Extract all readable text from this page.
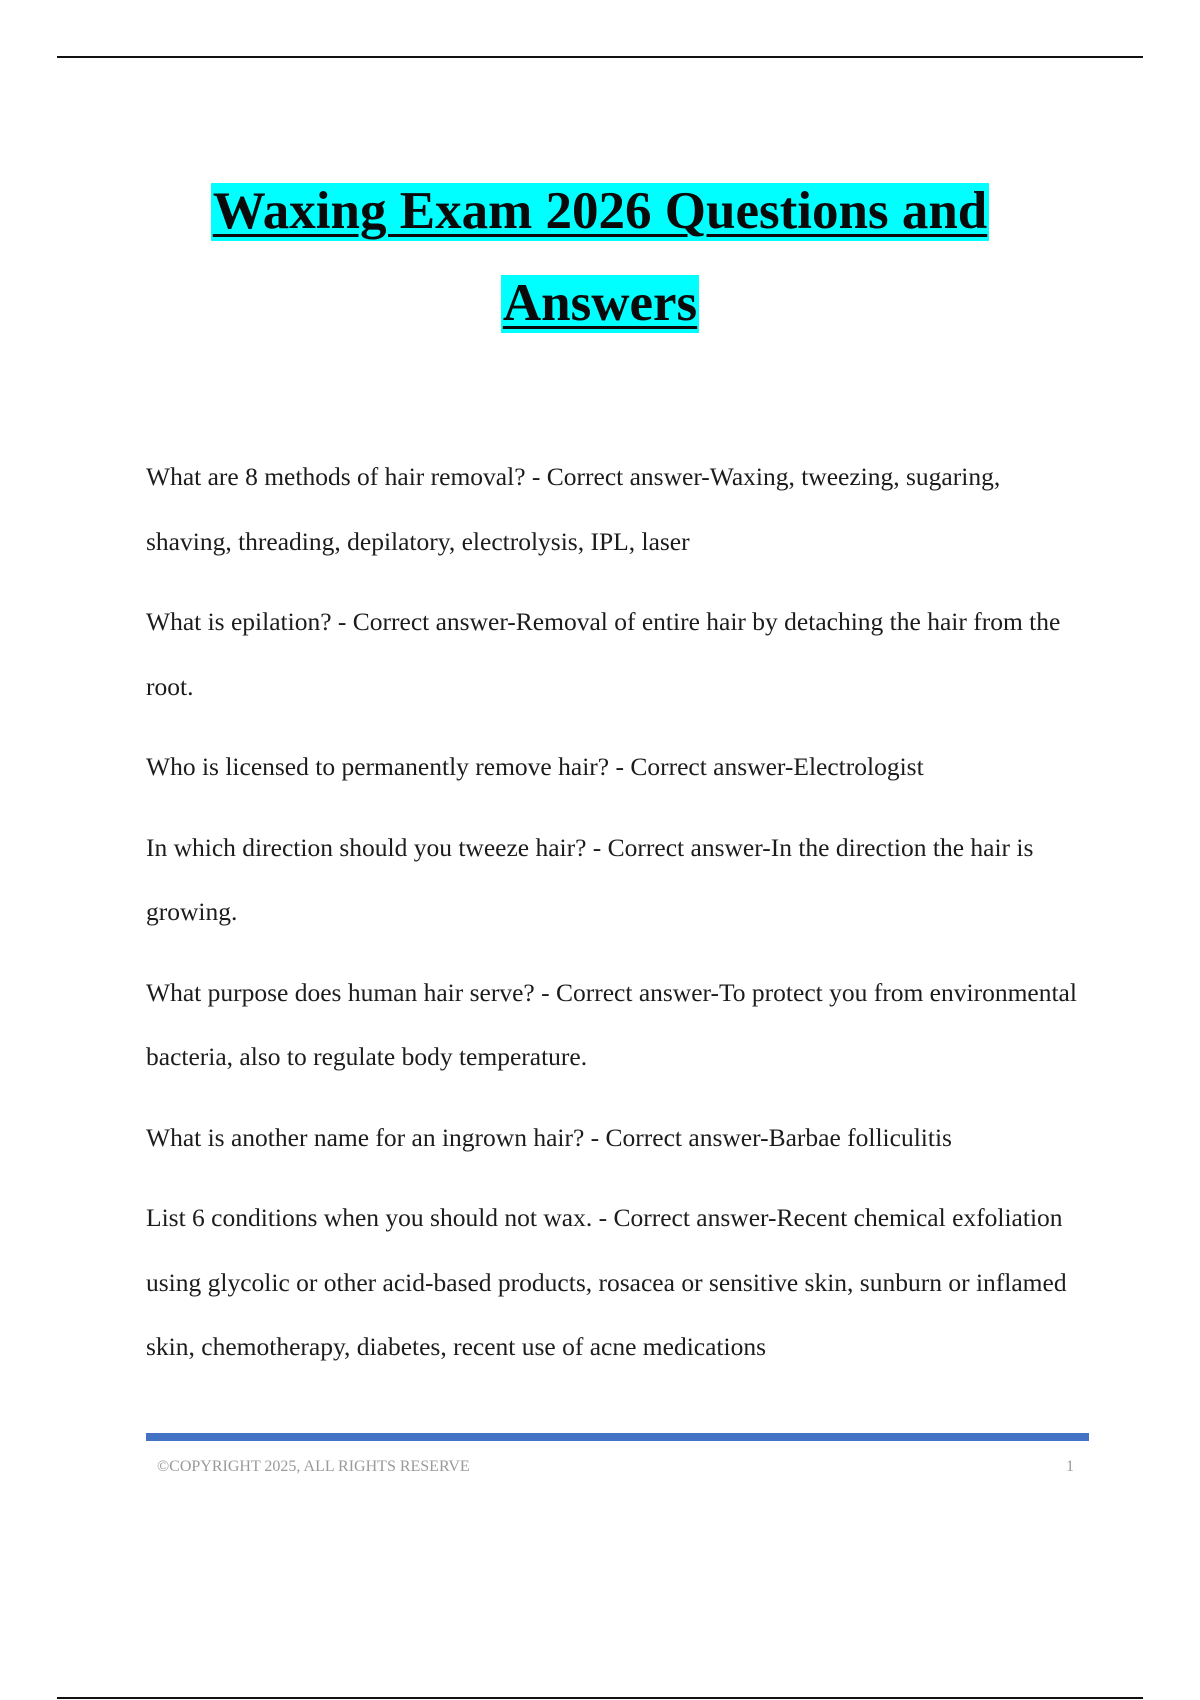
Waxing Exam 2026 Questions and
Answers

What are 8 methods of hair removal? - Correct answer-Waxing, tweezing, sugaring, shaving, threading, depilatory, electrolysis, IPL, laser

What is epilation? - Correct answer-Removal of entire hair by detaching the hair from the root.

Who is licensed to permanently remove hair? - Correct answer-Electrologist

In which direction should you tweeze hair? - Correct answer-In the direction the hair is growing.

What purpose does human hair serve? - Correct answer-To protect you from environmental bacteria, also to regulate body temperature.

What is another name for an ingrown hair? - Correct answer-Barbae folliculitis

List 6 conditions when you should not wax. - Correct answer-Recent chemical exfoliation using glycolic or other acid-based products, rosacea or sensitive skin, sunburn or inflamed skin, chemotherapy, diabetes, recent use of acne medications

©COPYRIGHT 2025, ALL RIGHTS RESERVE	1
